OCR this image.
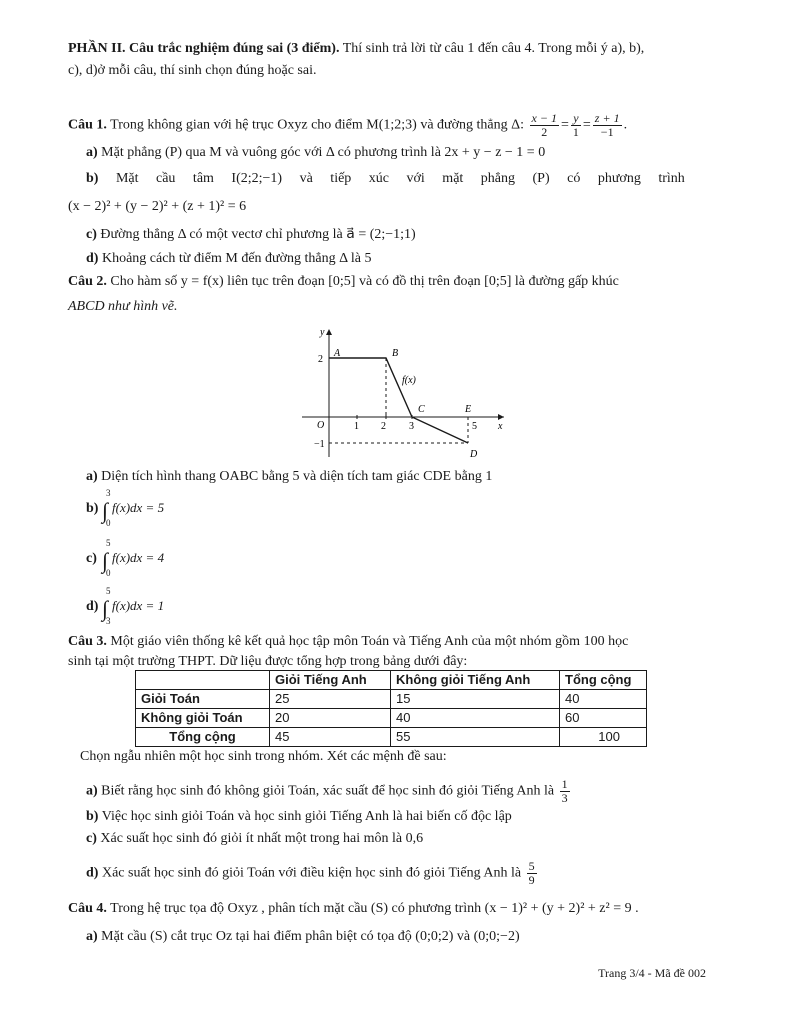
PHẦN II. Câu trắc nghiệm đúng sai (3 điểm). Thí sinh trả lời từ câu 1 đến câu 4. Trong mỗi ý a), b),
c), d)ở mỗi câu, thí sinh chọn đúng hoặc sai.
Câu 1. Trong không gian với hệ trục Oxyz cho điểm M(1;2;3) và đường thẳng Δ: $\frac{x - 1}{2} = \frac{y}{1} = \frac{z + 1}{-1}$ .
a) Mặt phẳng (P) qua M và vuông góc với Δ có phương trình là 2x + y − z − 1 = 0
b) Mặt cầu tâm I(2;2;−1) và tiếp xúc với mặt phẳng (P) có phương trình
(x − 2)² + (y − 2)² + (z + 1)² = 6
c) Đường thẳng Δ có một vectơ chỉ phương là a⃗ = (2;−1;1)
d) Khoảng cách từ điểm M đến đường thẳng Δ là 5
Câu 2. Cho hàm số y = f(x) liên tục trên đoạn [0;5] và có đồ thị trên đoạn [0;5] là đường gấp khúc
ABCD như hình vẽ.
y
x
O
2
−1
1 2 3	5
A	B
C
D
E
f(x)
a) Diện tích hình thang OABC bằng 5 và diện tích tam giác CDE bằng 1
b) ∫
3
0
f(x)dx = 5
c) ∫
5
0
f(x)dx = 4
d) ∫
5
3
f(x)dx = 1
Câu 3. Một giáo viên thống kê kết quả học tập môn Toán và Tiếng Anh của một nhóm gồm 100 học
sinh tại một trường THPT. Dữ liệu được tổng hợp trong bảng dưới đây:
	Giỏi Tiếng Anh	Không giỏi Tiếng Anh	Tổng cộng
Giỏi Toán	25	15	40
Không giỏi Toán	20	40	60
Tổng cộng	45	55	100
Chọn ngẫu nhiên một học sinh trong nhóm. Xét các mệnh đề sau:
a) Biết rằng học sinh đó không giỏi Toán, xác suất để học sinh đó giỏi Tiếng Anh là $\frac{1}{3}$
b) Việc học sinh giỏi Toán và học sinh giỏi Tiếng Anh là hai biến cố độc lập
c) Xác suất học sinh đó giỏi ít nhất một trong hai môn là 0,6
d) Xác suất học sinh đó giỏi Toán với điều kiện học sinh đó giỏi Tiếng Anh là $\frac{5}{9}$
Câu 4. Trong hệ trục tọa độ Oxyz , phân tích mặt cầu (S) có phương trình (x − 1)² + (y + 2)² + z² = 9 .
a) Mặt cầu (S) cắt trục Oz tại hai điểm phân biệt có tọa độ (0;0;2) và (0;0;−2)
Trang 3/4 - Mã đề 002
